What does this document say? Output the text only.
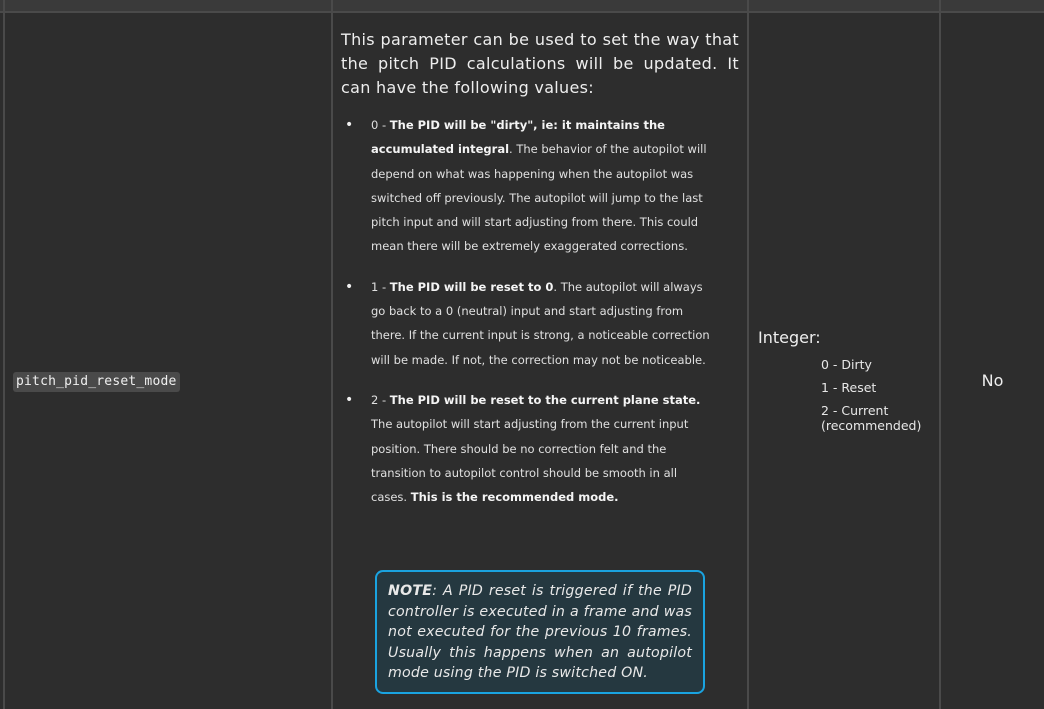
pitch_pid_reset_mode

This parameter can be used to set the way that the pitch PID calculations will be updated. It can have the following values:

• 0 - The PID will be "dirty", ie: it maintains the accumulated integral. The behavior of the autopilot will depend on what was happening when the autopilot was switched off previously. The autopilot will jump to the last pitch input and will start adjusting from there. This could mean there will be extremely exaggerated corrections.
• 1 - The PID will be reset to 0. The autopilot will always go back to a 0 (neutral) input and start adjusting from there. If the current input is strong, a noticeable correction will be made. If not, the correction may not be noticeable.
• 2 - The PID will be reset to the current plane state. The autopilot will start adjusting from the current input position. There should be no correction felt and the transition to autopilot control should be smooth in all cases. This is the recommended mode.
NOTE: A PID reset is triggered if the PID controller is executed in a frame and was not executed for the previous 10 frames. Usually this happens when an autopilot mode using the PID is switched ON.
Integer:
0 - Dirty
1 - Reset
2 - Current (recommended)
No
